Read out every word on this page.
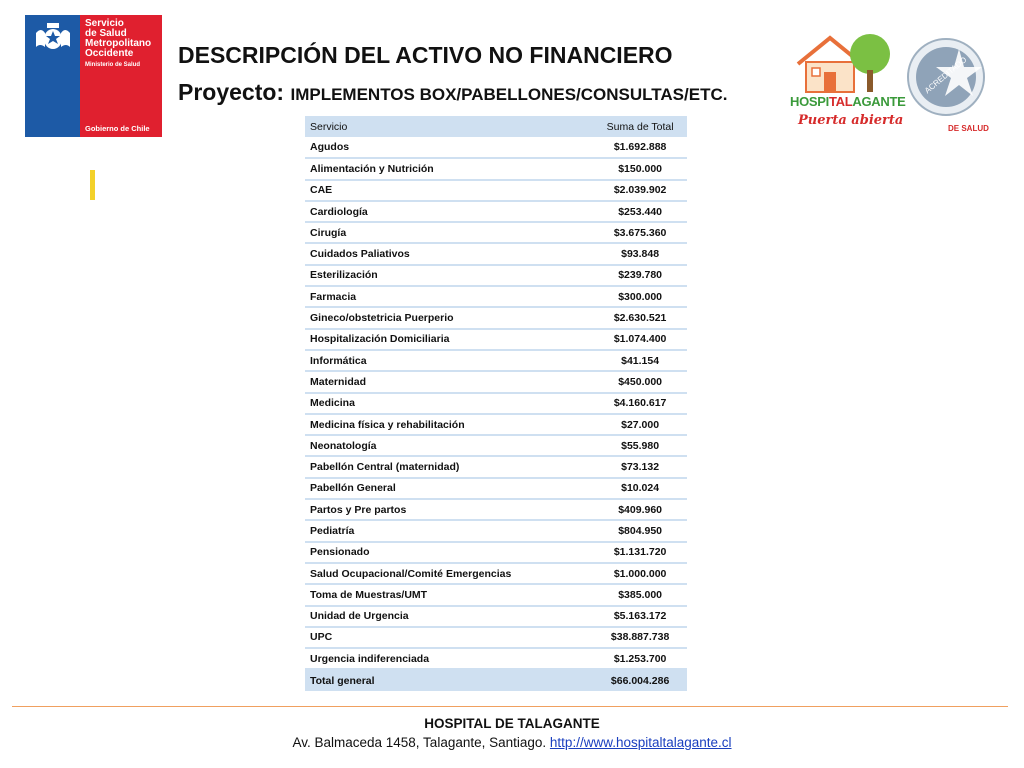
Servicio
de Salud
Metropolitano
Occidente
Ministerio de Salud
Gobierno de Chile
DESCRIPCIÓN DEL ACTIVO NO FINANCIERO
Proyecto: IMPLEMENTOS BOX/PABELLONES/CONSULTAS/ETC.	HOSPITALAGANTE
Puerta abierta
ACREDITADO
DE SALUD
Servicio	Suma de Total
Agudos	$1.692.888
Alimentación y Nutrición	$150.000
CAE	$2.039.902
Cardiología	$253.440
Cirugía	$3.675.360
Cuidados Paliativos	$93.848
Esterilización	$239.780
Farmacia	$300.000
Gineco/obstetricia Puerperio	$2.630.521
Hospitalización Domiciliaria	$1.074.400
Informática	$41.154
Maternidad	$450.000
Medicina	$4.160.617
Medicina física y rehabilitación	$27.000
Neonatología	$55.980
Pabellón Central (maternidad)	$73.132
Pabellón General	$10.024
Partos y Pre partos	$409.960
Pediatría	$804.950
Pensionado	$1.131.720
Salud Ocupacional/Comité Emergencias	$1.000.000
Toma de Muestras/UMT	$385.000
Unidad de Urgencia	$5.163.172
UPC	$38.887.738
Urgencia indiferenciada	$1.253.700
Total general	$66.004.286
HOSPITAL DE TALAGANTE
Av. Balmaceda 1458, Talagante, Santiago. http://www.hospitaltalagante.cl
